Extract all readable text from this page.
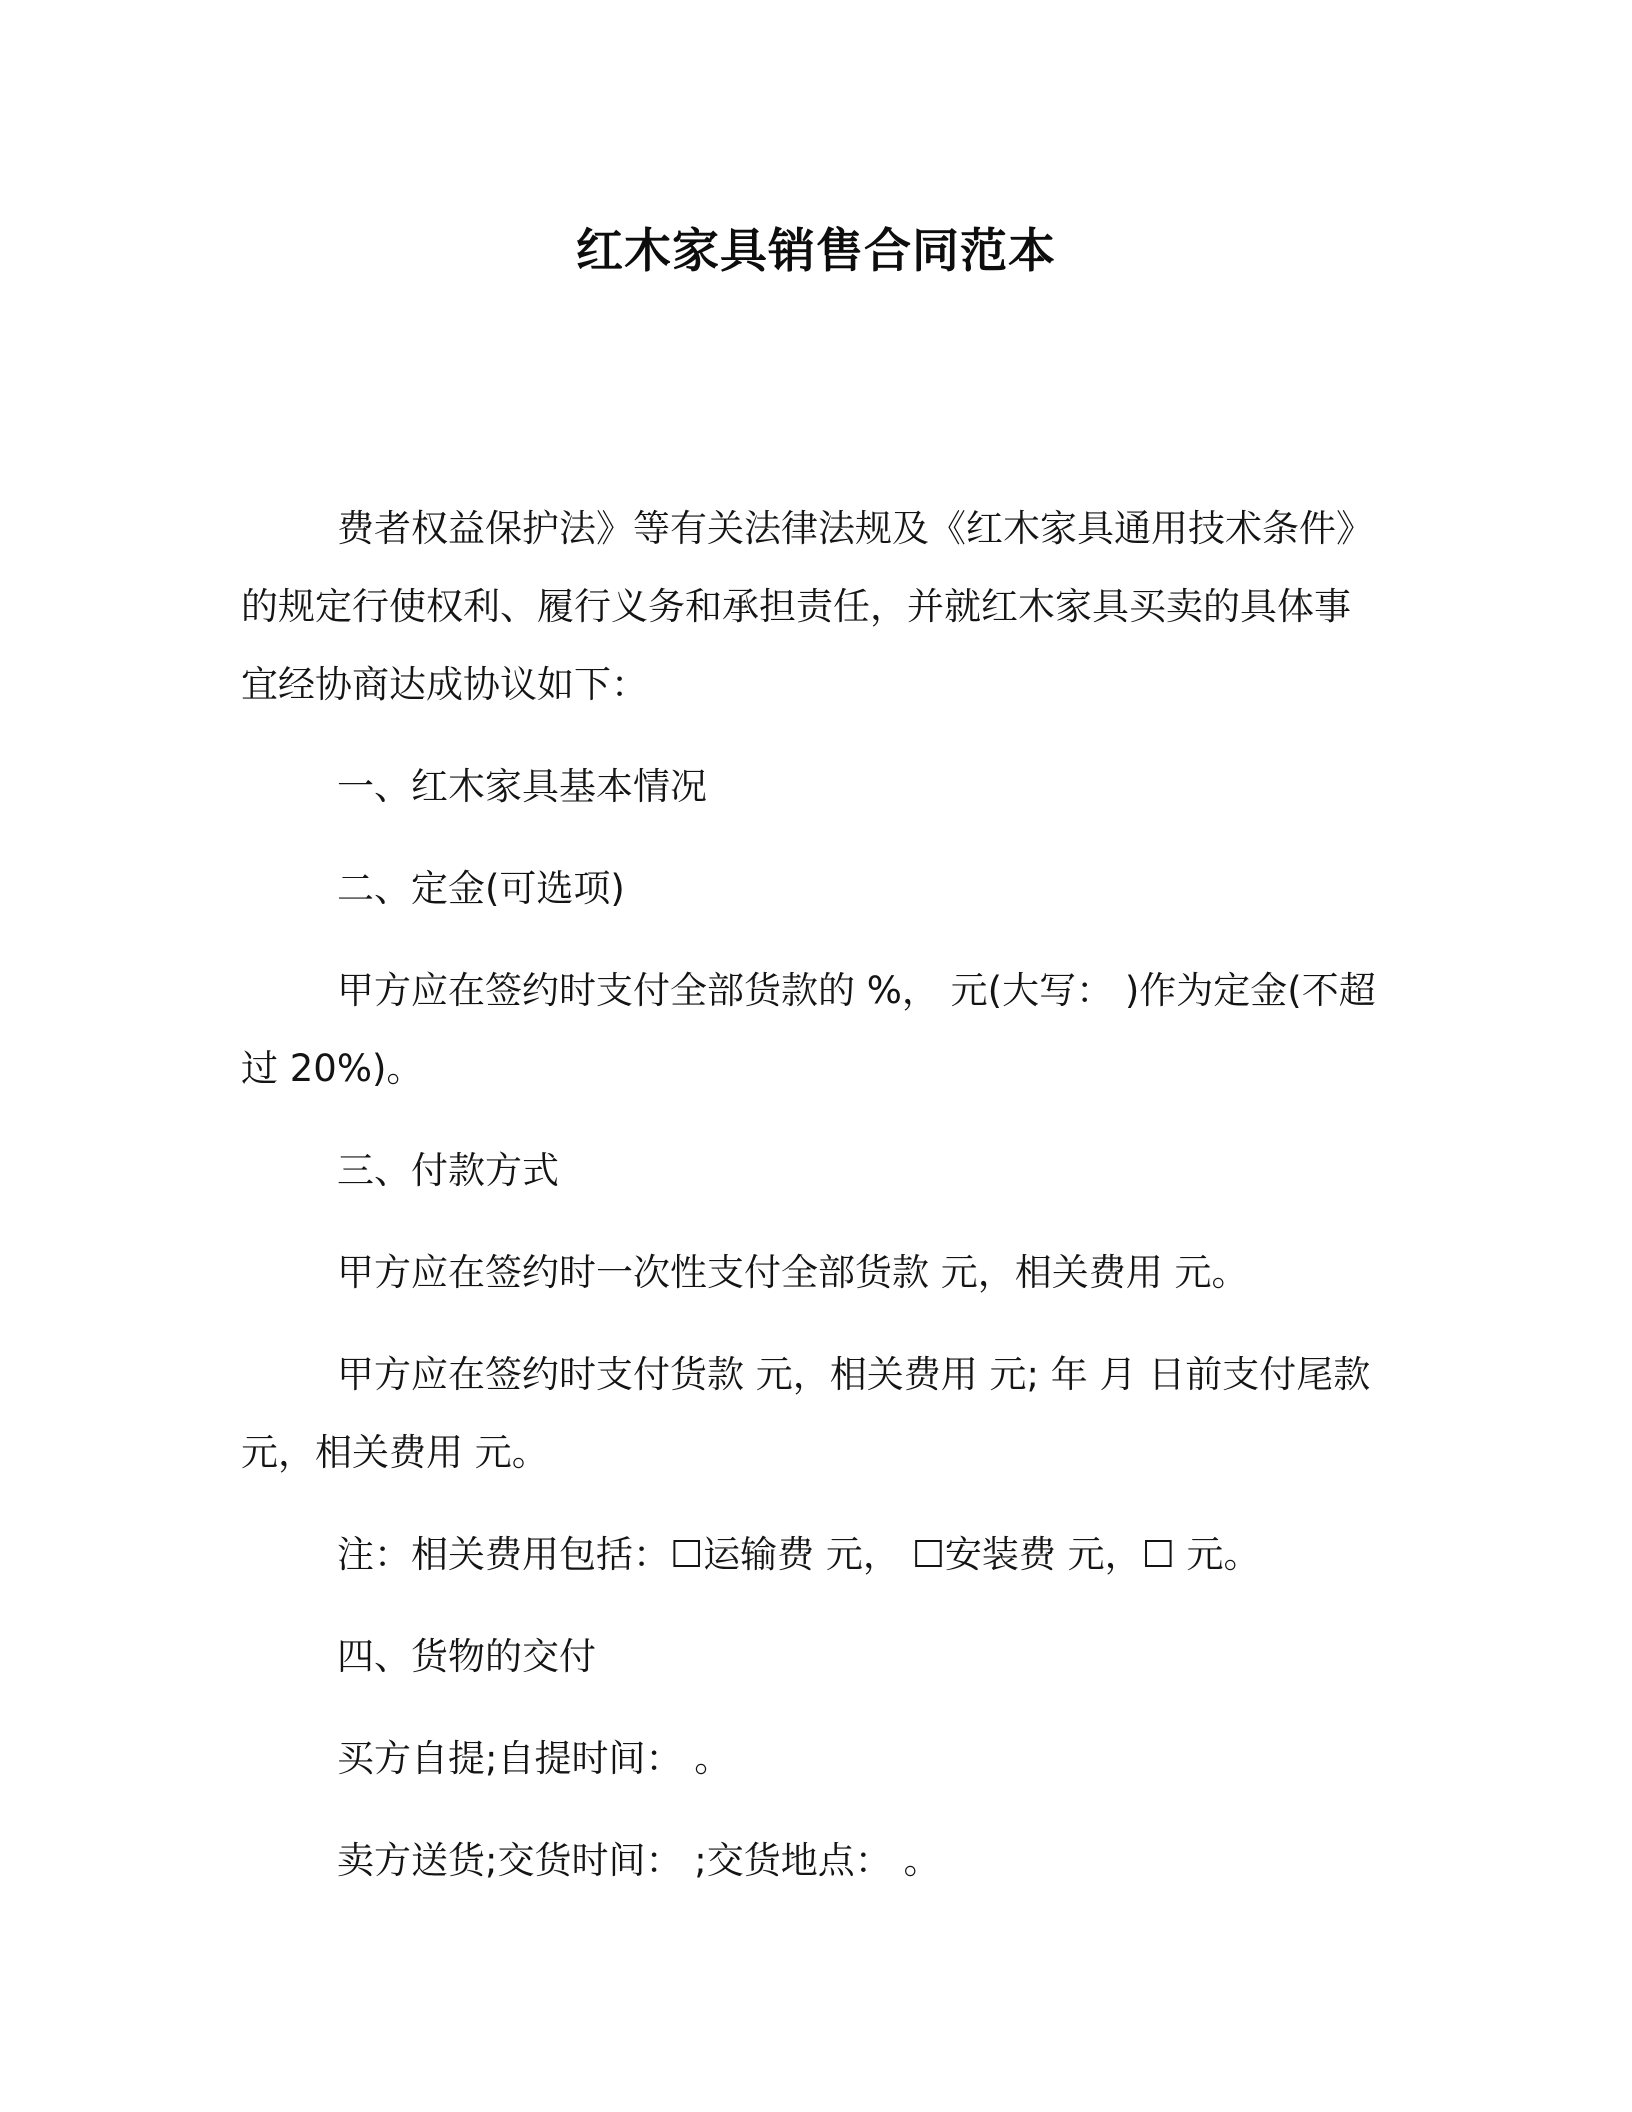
红木家具销售合同范本

费者权益保护法》等有关法律法规及《红木家具通用技术条件》的规定行使权利、履行义务和承担责任，并就红木家具买卖的具体事宜经协商达成协议如下：

一、红木家具基本情况

二、定金(可选项)

甲方应在签约时支付全部货款的 %， 元(大写： )作为定金(不超过 20%)。

三、付款方式

甲方应在签约时一次性支付全部货款 元，相关费用 元。

甲方应在签约时支付货款 元，相关费用 元; 年 月 日前支付尾款 元，相关费用 元。

注：相关费用包括：☐运输费 元， ☐安装费 元，☐ 元。

四、货物的交付

买方自提;自提时间： 。

卖方送货;交货时间： ;交货地点： 。
